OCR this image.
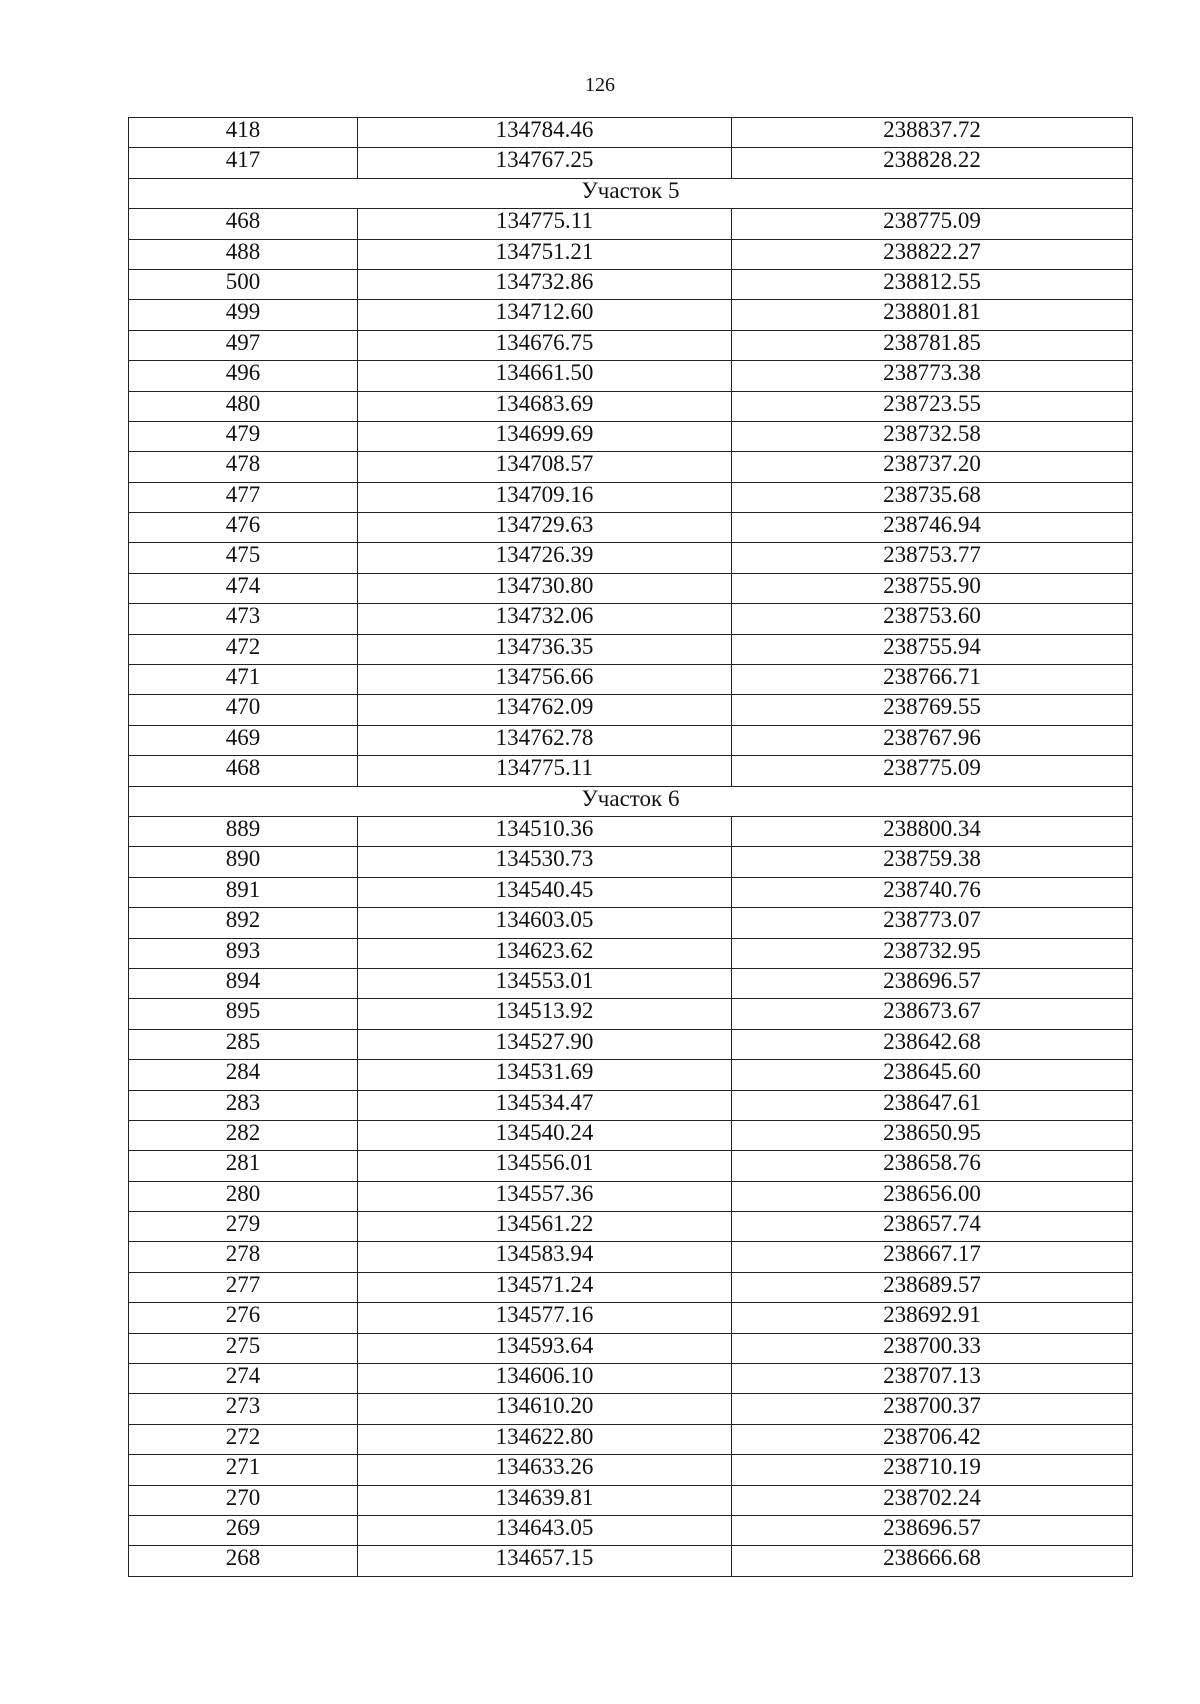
126
418	134784.46	238837.72
417	134767.25	238828.22
Участок 5		
468	134775.11	238775.09
488	134751.21	238822.27
500	134732.86	238812.55
499	134712.60	238801.81
497	134676.75	238781.85
496	134661.50	238773.38
480	134683.69	238723.55
479	134699.69	238732.58
478	134708.57	238737.20
477	134709.16	238735.68
476	134729.63	238746.94
475	134726.39	238753.77
474	134730.80	238755.90
473	134732.06	238753.60
472	134736.35	238755.94
471	134756.66	238766.71
470	134762.09	238769.55
469	134762.78	238767.96
468	134775.11	238775.09
Участок 6		
889	134510.36	238800.34
890	134530.73	238759.38
891	134540.45	238740.76
892	134603.05	238773.07
893	134623.62	238732.95
894	134553.01	238696.57
895	134513.92	238673.67
285	134527.90	238642.68
284	134531.69	238645.60
283	134534.47	238647.61
282	134540.24	238650.95
281	134556.01	238658.76
280	134557.36	238656.00
279	134561.22	238657.74
278	134583.94	238667.17
277	134571.24	238689.57
276	134577.16	238692.91
275	134593.64	238700.33
274	134606.10	238707.13
273	134610.20	238700.37
272	134622.80	238706.42
271	134633.26	238710.19
270	134639.81	238702.24
269	134643.05	238696.57
268	134657.15	238666.68
